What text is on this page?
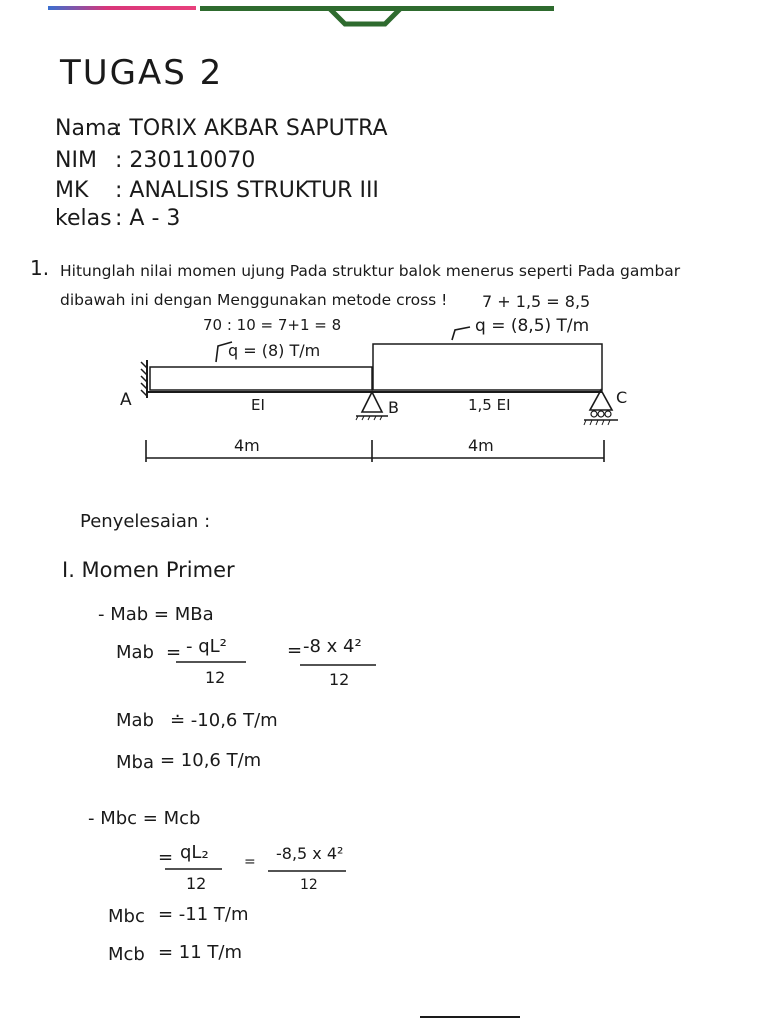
TUGAS 2
Nama
: TORIX AKBAR SAPUTRA
NIM : 230110070
MK : ANALISIS STRUKTUR III
kelas : A - 3
1. Hitunglah nilai momen ujung Pada struktur balok menerus seperti Pada gambar
dibawah ini dengan Menggunakan metode cross !
70 : 10 = 7+1 = 8
7 + 1,5 = 8,5
q = (8) T/m
q = (8,5) T/m
A	B
C
EI	1,5 EI
4m	4m
Penyelesaian :
I. Momen Primer
- Mab = MBa
Mab = - qL²
12
= -8 x 4²
12
Mab ≐ -10,6 T/m
Mba = 10,6 T/m
- Mbc = Mcb
= qL₂
12
= -8,5 x 4²
12
Mbc = -11 T/m
Mcb = 11 T/m
